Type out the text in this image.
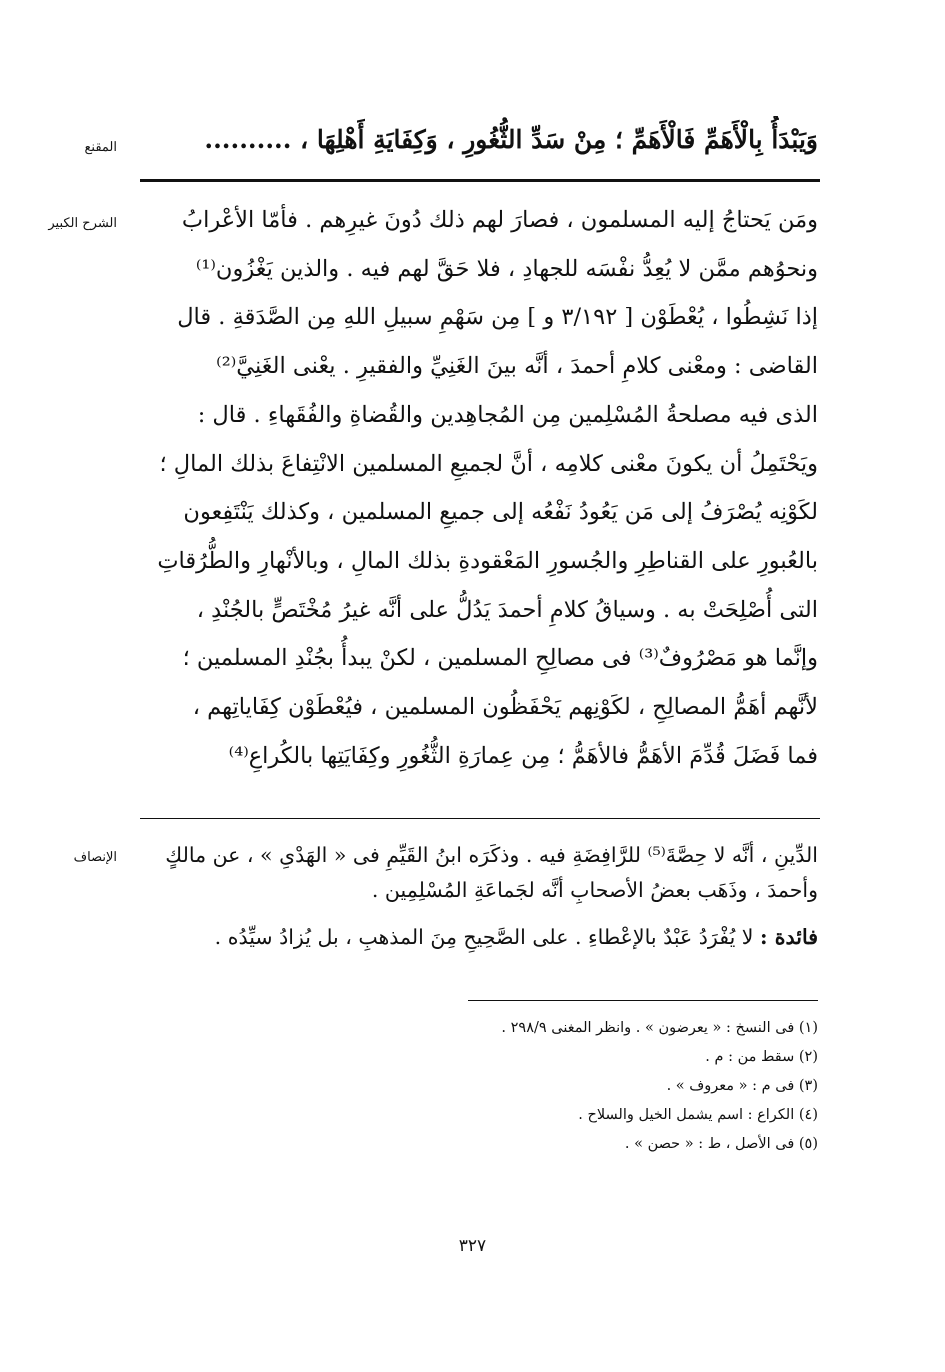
المقنع	وَيَبْدَأُ بِالْأَهَمِّ فَالْأَهَمِّ ؛ مِنْ سَدِّ الثُّغُورِ ، وَكِفَايَةِ أَهْلِهَا ، ..........
الشرح الكبير	ومَن يَحتاجُ إليه المسلمون ، فصارَ لهم ذلك دُونَ غيرِهم . فأمّا الأعْرابُ
ونحوُهم ممَّن لا يُعِدُّ نفْسَه للجهادِ ، فلا حَقَّ لهم فيه . والذين يَغْزُون⁽¹⁾
إذا نَشِطُوا ، يُعْطَوْن [ ٣/١٩٢ و ] مِن سَهْمِ سبيلِ اللهِ مِن الصَّدَقةِ . قال
القاضى : ومعْنى كلامِ أحمدَ ، أنَّه بينَ الغَنِيِّ والفقيرِ . يعْنى الغَنِيَّ⁽²⁾
الذى فيه مصلحةُ المُسْلِمين مِن المُجاهِدين والقُضاةِ والفُقَهاءِ . قال :
ويَحْتَمِلُ أن يكونَ معْنى كلامِه ، أنَّ لجميعِ المسلمين الانْتِفاعَ بذلك المالِ ؛
لكَوْنِه يُصْرَفُ إلى مَن يَعُودُ نَفْعُه إلى جميعِ المسلمين ، وكذلك يَنْتَفِعون
بالعُبورِ على القناطِرِ والجُسورِ المَعْقودةِ بذلك المالِ ، وبالأنْهارِ والطُّرُقاتِ
التى أُصْلِحَتْ به . وسياقُ كلامِ أحمدَ يَدُلُّ على أنَّه غيرُ مُخْتَصٍّ بالجُنْدِ ،
وإنَّما هو مَصْرُوفٌ⁽³⁾ فى مصالِحِ المسلمين ، لكنْ يبدأُ بجُنْدِ المسلمين ؛
لأنَّهم أهَمُّ المصالِحِ ، لكَوْنِهم يَحْفَظُون المسلمين ، فيُعْطَوْن كِفَاياتِهم ،
فما فَضَلَ قُدِّمَ الأهَمُّ فالأهَمُّ ؛ مِن عِمارَةِ الثُّغُورِ وكِفَايَتِها بالكُراعِ⁽⁴⁾
الإنصاف	الدِّينِ ، أنَّه لا حِصَّةَ⁽⁵⁾ للرَّافِضَةِ فيه . وذكَرَه ابنُ القَيِّمِ فى « الهَدْىِ » ، عن مالكٍ
وأحمدَ ، وذَهَب بعضُ الأصحابِ أنَّه لجَماعَةِ المُسْلِمِين .
فائدة : لا يُفْرَدُ عَبْدٌ بالإعْطاءِ . على الصَّحِيحِ مِنَ المذهبِ ، بل يُزادُ سيِّدُه .
(١) فى النسخ : « يعرضون » . وانظر المغنى ٢٩٨/٩ .
(٢) سقط من : م .
(٣) فى م : « معروف » .
(٤) الكراع : اسم يشمل الخيل والسلاح .
(٥) فى الأصل ، ط : « حصن » .
٣٢٧
